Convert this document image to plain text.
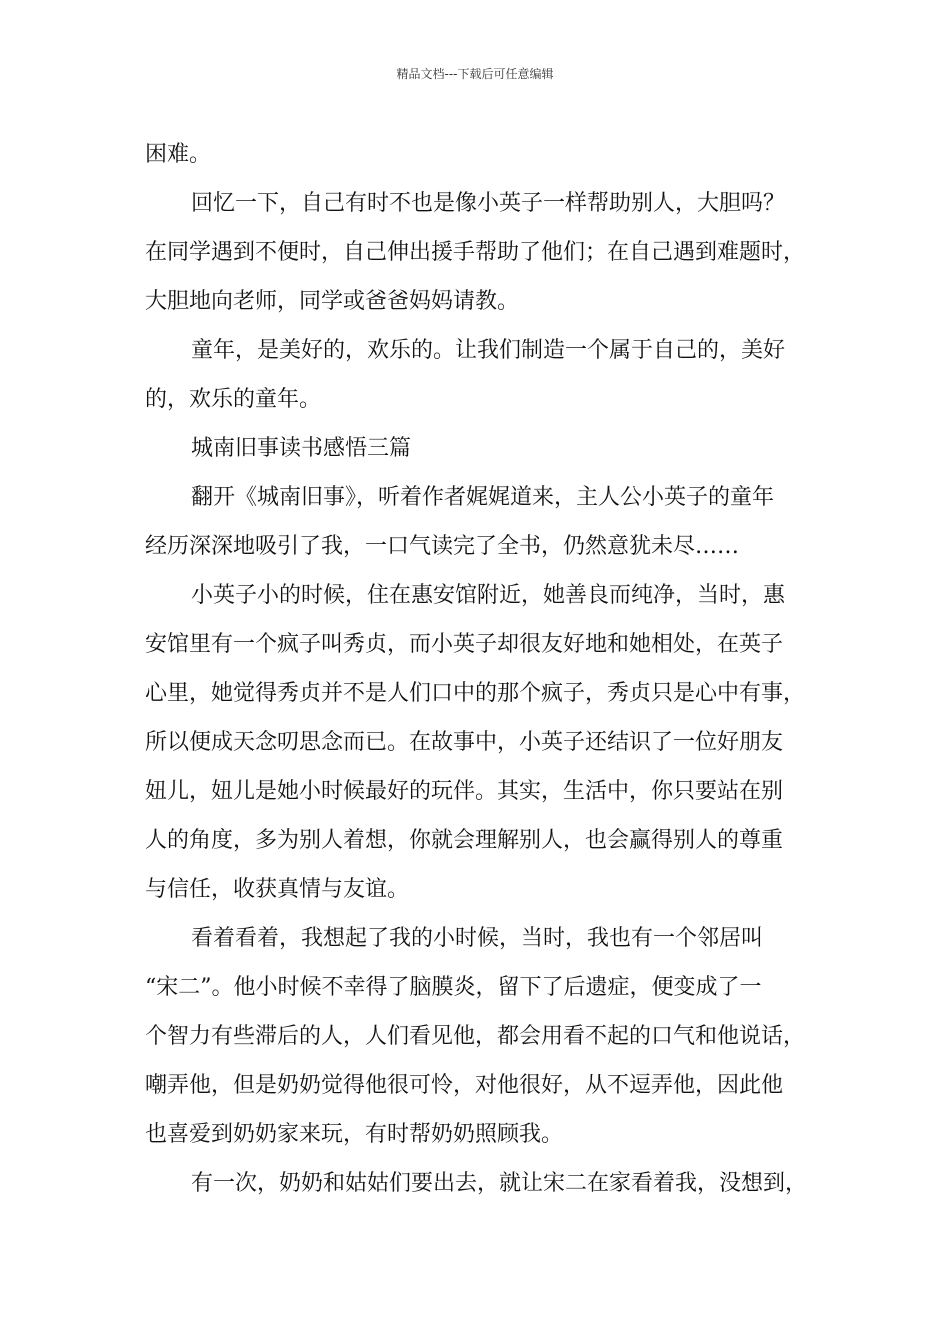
精品文档---下载后可任意编辑
困难。
回忆一下，自己有时不也是像小英子一样帮助别人，大胆吗？
在同学遇到不便时，自己伸出援手帮助了他们；在自己遇到难题时，
大胆地向老师，同学或爸爸妈妈请教。
童年，是美好的，欢乐的。让我们制造一个属于自己的，美好
的，欢乐的童年。
城南旧事读书感悟三篇
翻开《城南旧事》，听着作者娓娓道来，主人公小英子的童年
经历深深地吸引了我，一口气读完了全书，仍然意犹未尽……
小英子小的时候，住在惠安馆附近，她善良而纯净，当时，惠
安馆里有一个疯子叫秀贞，而小英子却很友好地和她相处，在英子
心里，她觉得秀贞并不是人们口中的那个疯子，秀贞只是心中有事，
所以便成天念叨思念而已。在故事中，小英子还结识了一位好朋友
妞儿，妞儿是她小时候最好的玩伴。其实，生活中，你只要站在别
人的角度，多为别人着想，你就会理解别人，也会赢得别人的尊重
与信任，收获真情与友谊。
看着看着，我想起了我的小时候，当时，我也有一个邻居叫
“宋二”。他小时候不幸得了脑膜炎，留下了后遗症，便变成了一
个智力有些滞后的人，人们看见他，都会用看不起的口气和他说话，
嘲弄他，但是奶奶觉得他很可怜，对他很好，从不逗弄他，因此他
也喜爱到奶奶家来玩，有时帮奶奶照顾我。
有一次，奶奶和姑姑们要出去，就让宋二在家看着我，没想到，
